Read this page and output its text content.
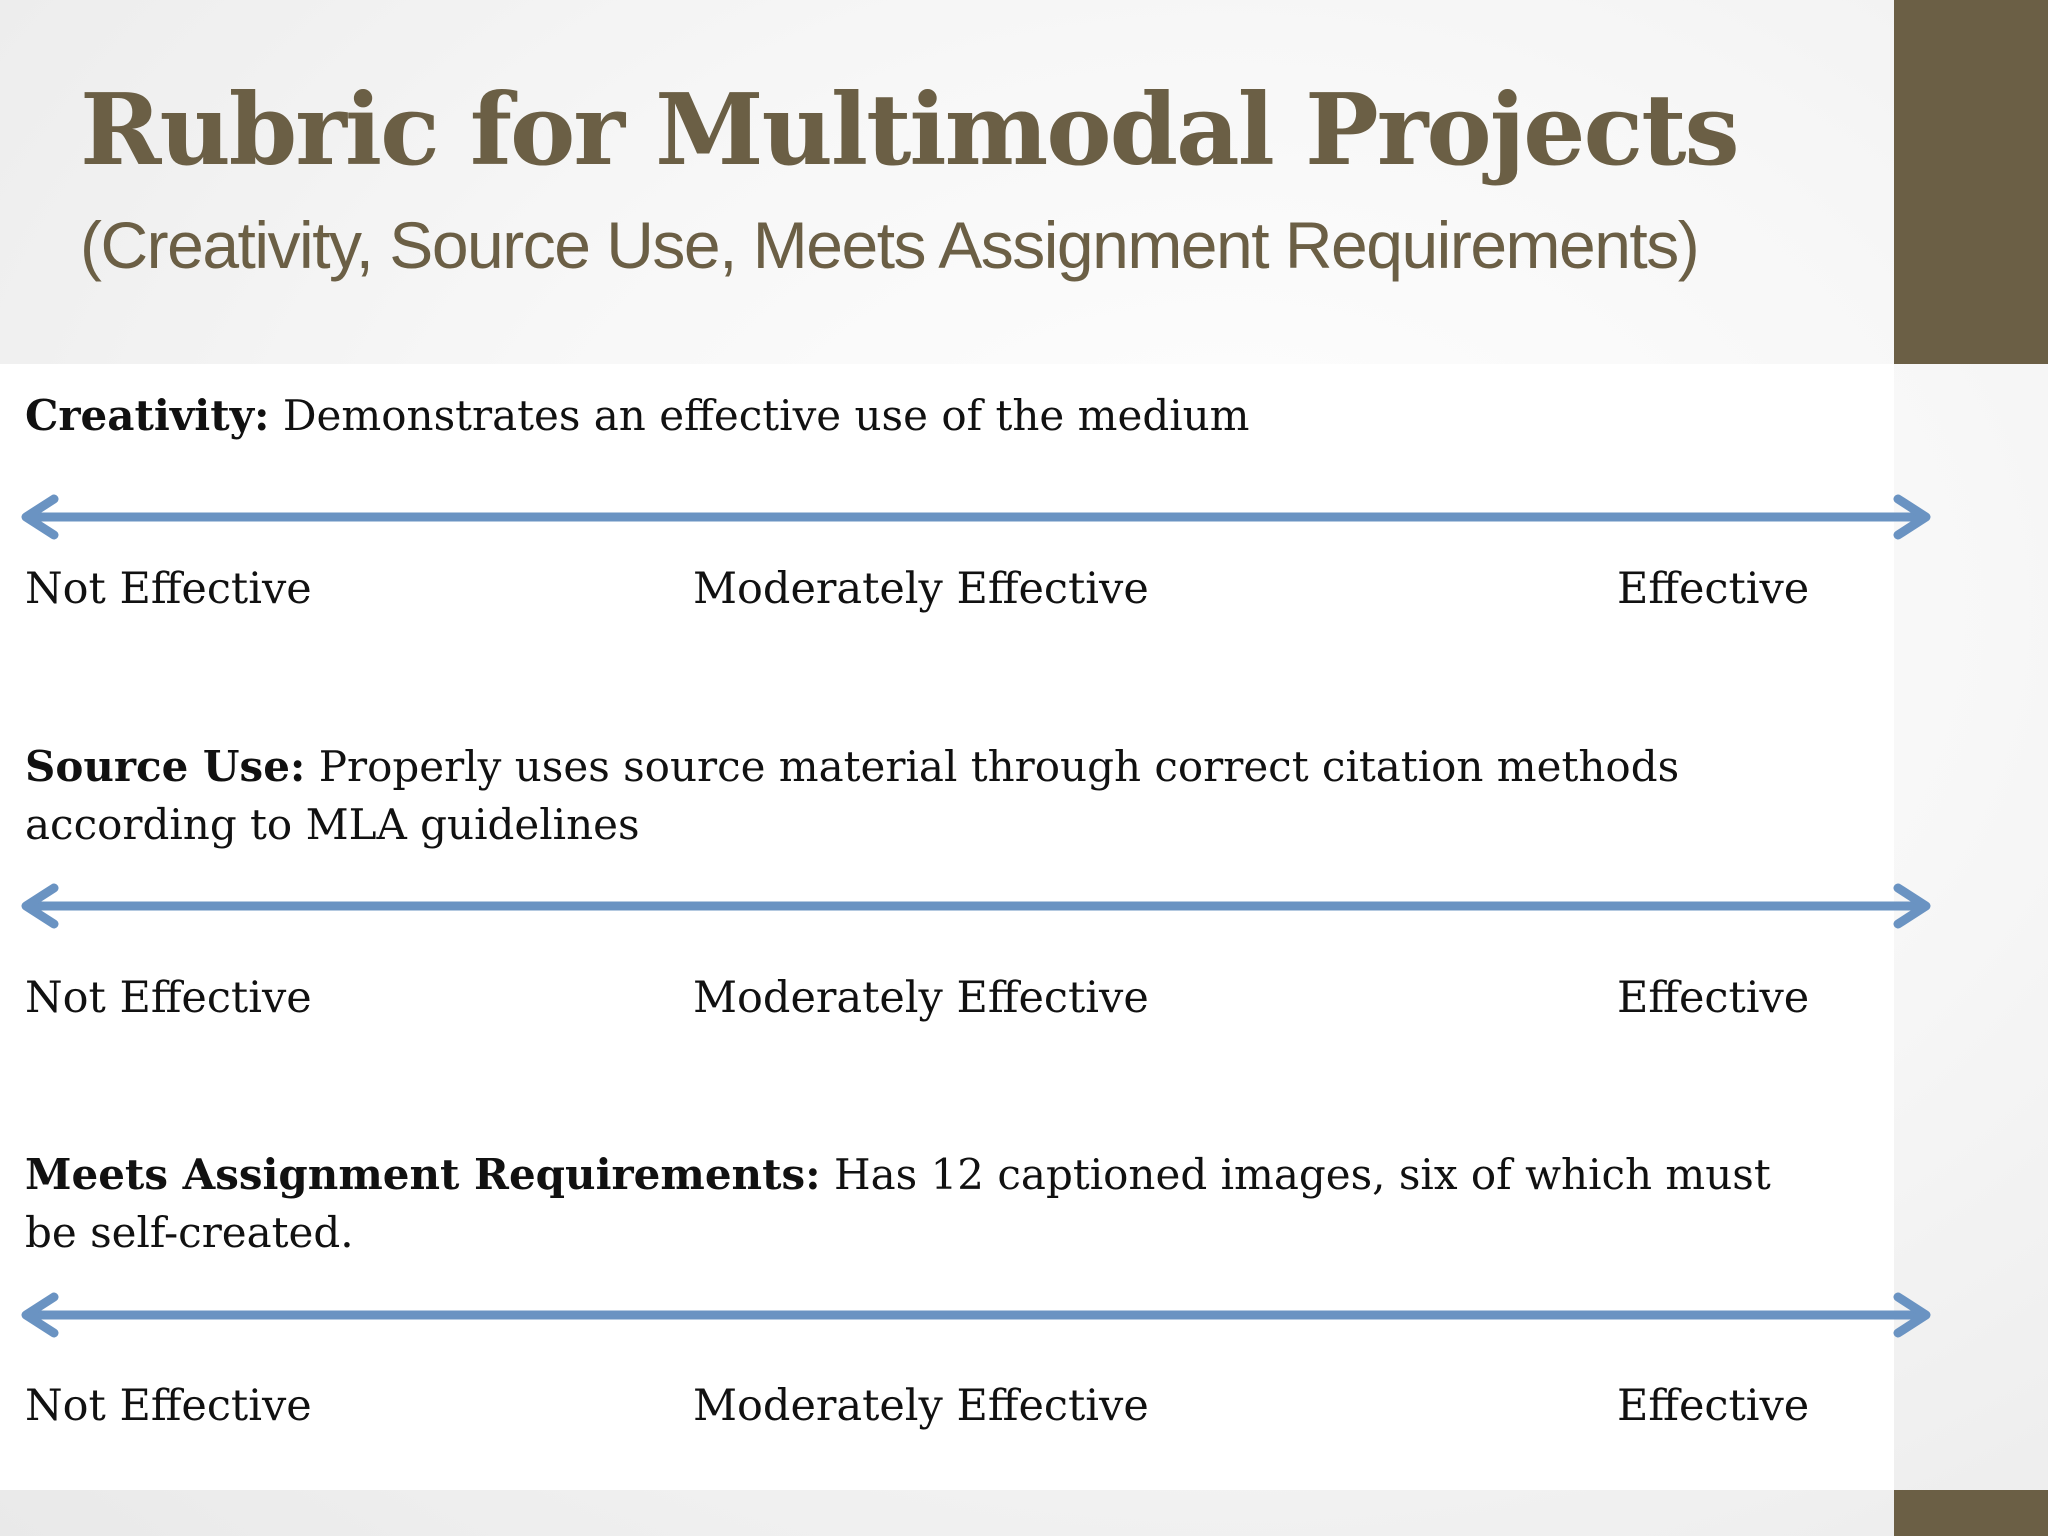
Rubric for Multimodal Projects

(Creativity, Source Use, Meets Assignment Requirements)

Creativity: Demonstrates an effective use of the medium

Not Effective	Moderately Effective	Effective

Source Use: Properly uses source material through correct citation methods according to MLA guidelines

Not Effective	Moderately Effective	Effective

Meets Assignment Requirements: Has 12 captioned images, six of which must be self-created.

Not Effective	Moderately Effective	Effective
